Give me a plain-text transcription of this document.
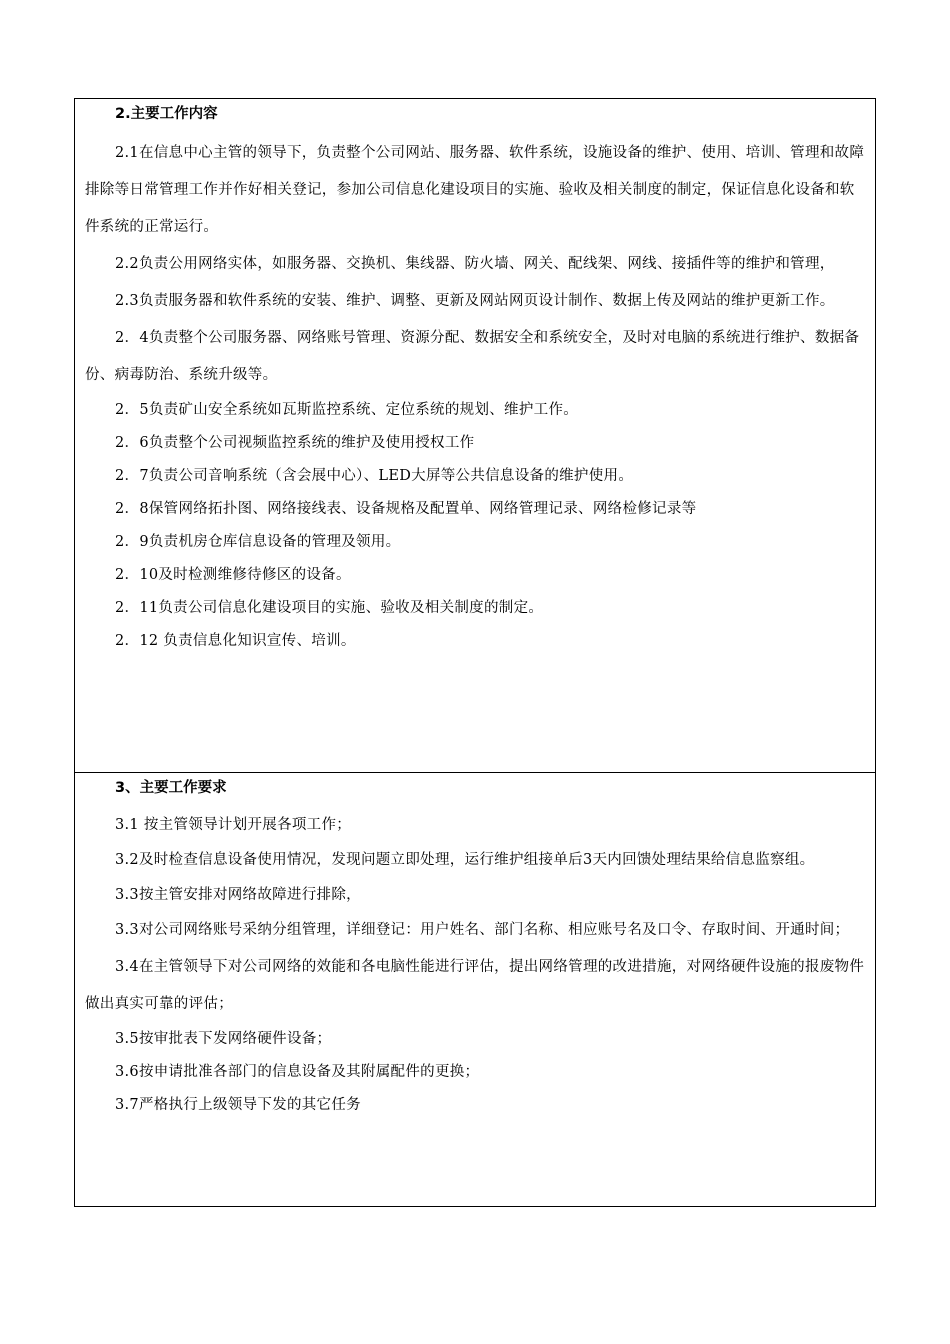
2.主要工作内容

2.1在信息中心主管的领导下，负责整个公司网站、服务器、软件系统，设施设备的维护、使用、培训、管理和故障排除等日常管理工作并作好相关登记，参加公司信息化建设项目的实施、验收及相关制度的制定，保证信息化设备和软件系统的正常运行。

2.2负责公用网络实体，如服务器、交换机、集线器、防火墙、网关、配线架、网线、接插件等的维护和管理，

2.3负责服务器和软件系统的安装、维护、调整、更新及网站网页设计制作、数据上传及网站的维护更新工作。

2．4负责整个公司服务器、网络账号管理、资源分配、数据安全和系统安全，及时对电脑的系统进行维护、数据备份、病毒防治、系统升级等。

2．5负责矿山安全系统如瓦斯监控系统、定位系统的规划、维护工作。

2．6负责整个公司视频监控系统的维护及使用授权工作

2．7负责公司音响系统（含会展中心）、LED大屏等公共信息设备的维护使用。

2．8保管网络拓扑图、网络接线表、设备规格及配置单、网络管理记录、网络检修记录等

2．9负责机房仓库信息设备的管理及领用。

2．10及时检测维修待修区的设备。

2．11负责公司信息化建设项目的实施、验收及相关制度的制定。

2．12 负责信息化知识宣传、培训。

3、主要工作要求

3.1 按主管领导计划开展各项工作；

3.2及时检查信息设备使用情况，发现问题立即处理，运行维护组接单后3天内回馈处理结果给信息监察组。

3.3按主管安排对网络故障进行排除，

3.3对公司网络账号采纳分组管理，详细登记：用户姓名、部门名称、相应账号名及口令、存取时间、开通时间；

3.4在主管领导下对公司网络的效能和各电脑性能进行评估，提出网络管理的改进措施，对网络硬件设施的报废物件做出真实可靠的评估；

3.5按审批表下发网络硬件设备；

3.6按申请批准各部门的信息设备及其附属配件的更换；

3.7严格执行上级领导下发的其它任务
